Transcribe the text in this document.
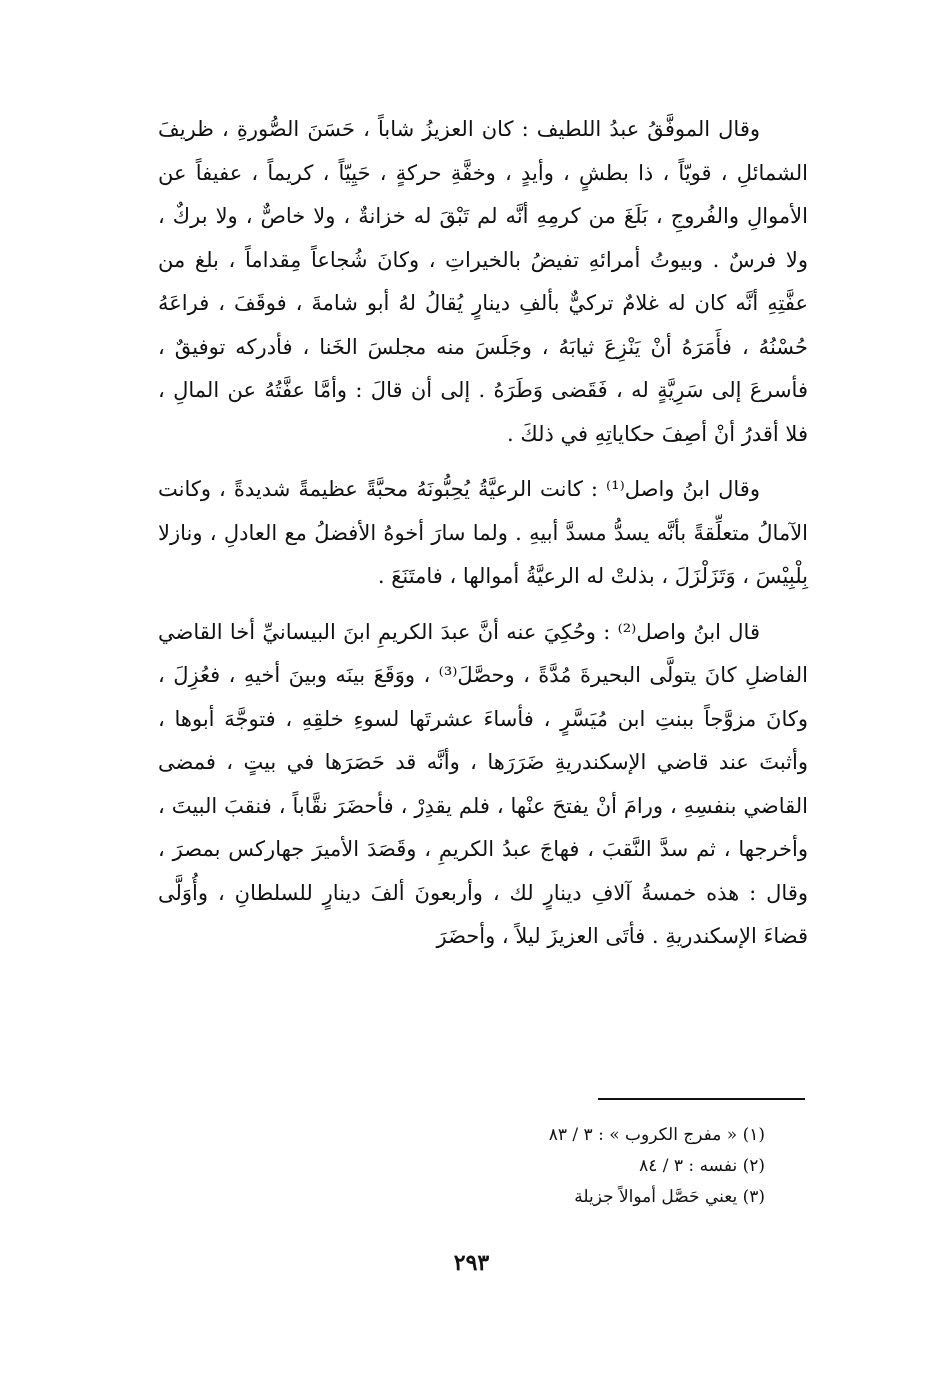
وقال الموفَّقُ عبدُ اللطيف : كان العزيزُ شاباً ، حَسَنَ الصُّورةِ ، ظريفَ الشمائلِ ، قويّاً ، ذا بطشٍ ، وأيدٍ ، وخفَّةِ حركةٍ ، حَيِيّاً ، كريماً ، عفيفاً عن الأموالِ والفُروجِ ، بَلَغَ من كرمِهِ أنَّه لم تَبْقَ له خزانةٌ ، ولا خاصٌّ ، ولا بركٌ ، ولا فرسٌ . وبيوتُ أمرائهِ تفيضُ بالخيراتِ ، وكانَ شُجاعاً مِقداماً ، بلغ من عفَّتِهِ أنَّه كان له غلامٌ تركيٌّ بألفِ دينارٍ يُقالُ لهُ أبو شامةَ ، فوقَفَ ، فراعَهُ حُسْنُهُ ، فأَمَرَهُ أنْ يَنْزِعَ ثيابَهُ ، وجَلَسَ منه مجلسَ الخَنا ، فأدركه توفيقٌ ، فأسرعَ إلى سَرِيَّةٍ له ، فَقَضى وَطَرَهُ . إلى أن قالَ : وأمَّا عفَّتُهُ عن المالِ ، فلا أقدرُ أنْ أصِفَ حكاياتِهِ في ذلكَ .

وقال ابنُ واصل⁽¹⁾ : كانت الرعيَّةُ يُحِبُّونَهُ محبَّةً عظيمةً شديدةً ، وكانت الآمالُ متعلِّقةً بأنَّه يسدُّ مسدَّ أبيهِ . ولما سارَ أخوهُ الأفضلُ مع العادلِ ، ونازلا بِلْبِيْسَ ، وَتَزَلْزَلَ ، بذلتْ له الرعيَّةُ أموالها ، فامتَنَعَ .

قال ابنُ واصل⁽²⁾ : وحُكِيَ عنه أنَّ عبدَ الكريمِ ابنَ البيسانيِّ أخا القاضي الفاضلِ كانَ يتولَّى البحيرةَ مُدَّةً ، وحصَّلَ⁽³⁾ ، ووَقَعَ بينَه وبينَ أخيهِ ، فعُزِلَ ، وكانَ مزوَّجاً ببنتِ ابن مُيَسَّرٍ ، فأساءَ عشرتَها لسوءِ خلقِهِ ، فتوجَّهَ أبوها ، وأثبتَ عند قاضي الإسكندريةِ ضَرَرَها ، وأنَّه قد حَصَرَها في بيتٍ ، فمضى القاضي بنفسِهِ ، ورامَ أنْ يفتحَ عنْها ، فلم يقدِرْ ، فأحضَرَ نقَّاباً ، فنقبَ البيتَ ، وأخرجها ، ثم سدَّ النَّقبَ ، فهاجَ عبدُ الكريمِ ، وقَصَدَ الأميرَ جهاركس بمصرَ ، وقال : هذه خمسةُ آلافِ دينارٍ لك ، وأربعونَ ألفَ دينارٍ للسلطانِ ، وأُوَلَّى قضاءَ الإسكندريةِ . فأتَى العزيزَ ليلاً ، وأحضَرَ

(١) « مفرج الكروب » : ٣ / ٨٣

(٢) نفسه : ٣ / ٨٤

(٣) يعني حَصَّل أموالاً جزيلة

٢٩٣
